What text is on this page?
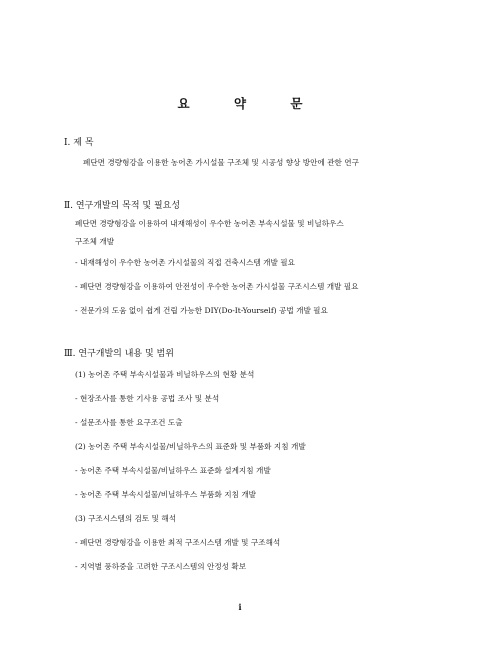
요 약 문
Ⅰ. 제 목
폐단면 경량형강을 이용한 농어촌 가시설물 구조체 및 시공성 향상 방안에 관한 연구
Ⅱ. 연구개발의 목적 및 필요성
폐단면 경량형강을 이용하여 내재해성이 우수한 농어촌 부속시설물 및 비닐하우스
구조체 개발
- 내재해성이 우수한 농어촌 가시설물의 직접 건축시스템 개발 필요
- 폐단면 경량형강을 이용하여 안전성이 우수한 농어촌 가시설물 구조시스템 개발 필요
- 전문가의 도움 없이 쉽게 건립 가능한 DIY(Do-It-Yourself) 공법 개발 필요
Ⅲ. 연구개발의 내용 및 범위
(1) 농어촌 주택 부속시설물과 비닐하우스의 현황 분석
- 현장조사를 통한 기사용 공법 조사 및 분석
- 설문조사를 통한 요구조건 도출
(2) 농어촌 주택 부속시설물/비닐하우스의 표준화 및 부품화 지침 개발
- 농어촌 주택 부속시설물/비닐하우스 표준화 설계지침 개발
- 농어촌 주택 부속시설물/비닐하우스 부품화 지침 개발
(3) 구조시스템의 검토 및 해석
- 폐단면 경량형강을 이용한 최적 구조시스템 개발 및 구조해석
- 지역별 풍하중을 고려한 구조시스템의 안정성 확보
i
